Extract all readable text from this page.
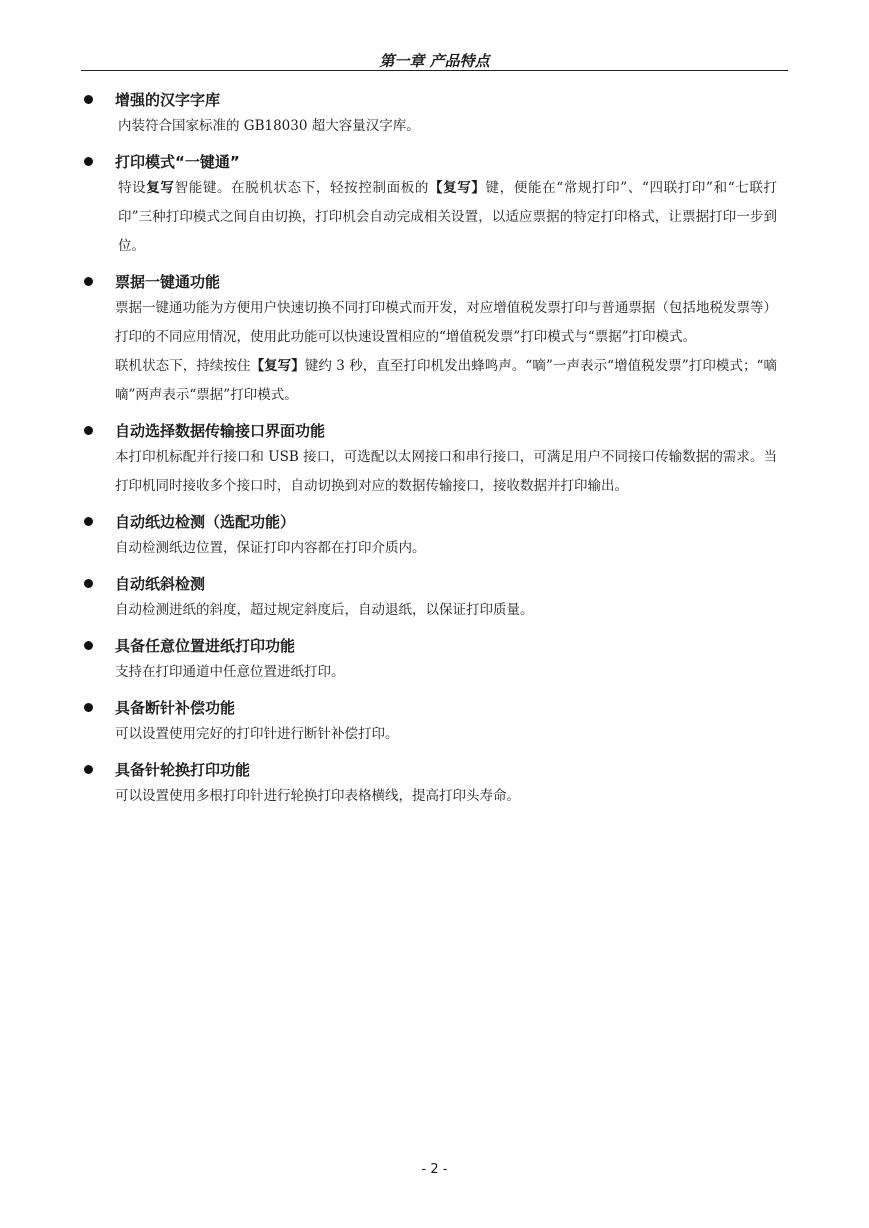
第一章 产品特点
增强的汉字字库
内装符合国家标准的 GB18030 超大容量汉字库。
打印模式“一键通”
特设复写智能键。在脱机状态下，轻按控制面板的【复写】键，便能在“常规打印”、“四联打印”和“七联打印”三种打印模式之间自由切换，打印机会自动完成相关设置，以适应票据的特定打印格式，让票据打印一步到位。
票据一键通功能
票据一键通功能为方便用户快速切换不同打印模式而开发，对应增值税发票打印与普通票据（包括地税发票等）打印的不同应用情况，使用此功能可以快速设置相应的“增值税发票”打印模式与“票据”打印模式。
联机状态下，持续按住【复写】键约 3 秒，直至打印机发出蜂鸣声。“嘀”一声表示“增值税发票”打印模式；“嘀嘀”两声表示“票据”打印模式。
自动选择数据传输接口界面功能
本打印机标配并行接口和 USB 接口，可选配以太网接口和串行接口，可满足用户不同接口传输数据的需求。当打印机同时接收多个接口时，自动切换到对应的数据传输接口，接收数据并打印输出。
自动纸边检测（选配功能）
自动检测纸边位置，保证打印内容都在打印介质内。
自动纸斜检测
自动检测进纸的斜度，超过规定斜度后，自动退纸，以保证打印质量。
具备任意位置进纸打印功能
支持在打印通道中任意位置进纸打印。
具备断针补偿功能
可以设置使用完好的打印针进行断针补偿打印。
具备针轮换打印功能
可以设置使用多根打印针进行轮换打印表格横线，提高打印头寿命。
- 2 -
